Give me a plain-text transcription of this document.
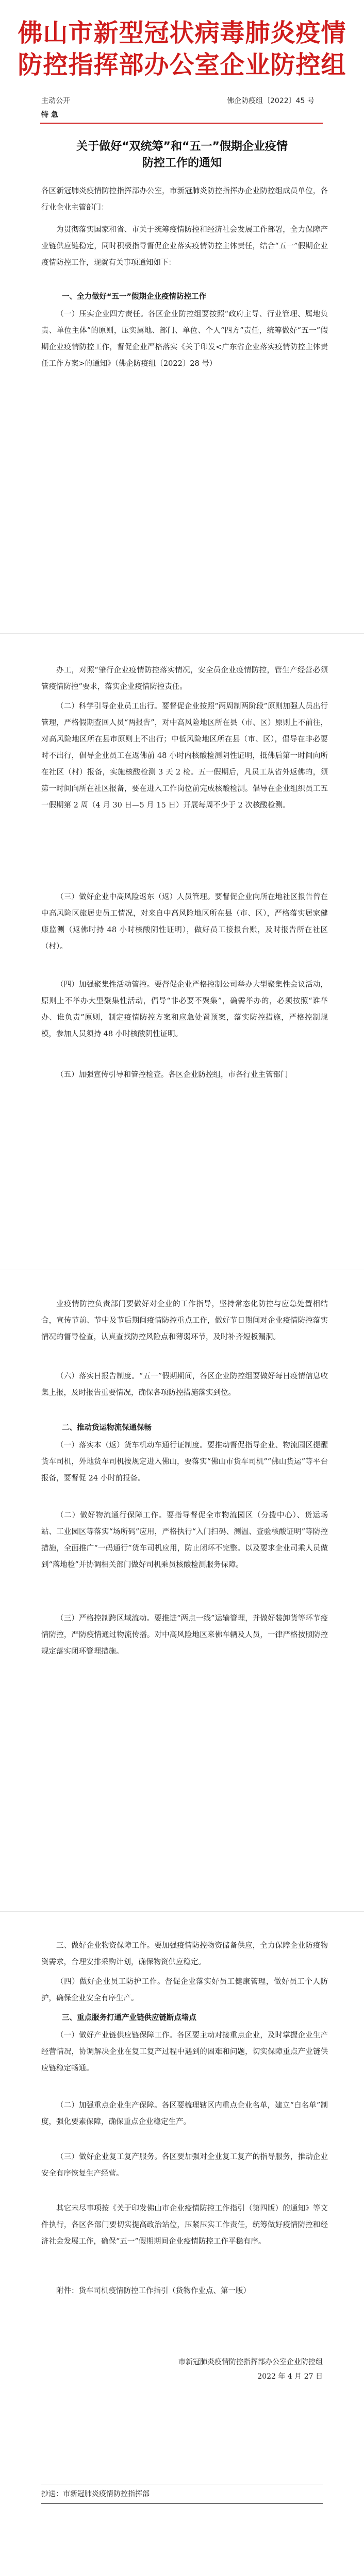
佛山市新型冠状病毒肺炎疫情
防控指挥部办公室企业防控组
主动公开
特 急
佛企防疫组〔2022〕45 号
关于做好“双统筹”和“五一”假期企业疫情
防控工作的通知

各区新冠肺炎疫情防控指挥部办公室，市新冠肺炎防控指挥办企业防控组成员单位，各行业企业主管部门：

为贯彻落实国家和省、市关于统筹疫情防控和经济社会发展工作部署，全力保障产业链供应链稳定，同时积极指导督促企业落实疫情防控主体责任，结合“五一”假期企业疫情防控工作，现就有关事项通知如下：

一、全力做好“五一”假期企业疫情防控工作

（一）压实企业四方责任。各区企业防控组要按照“政府主导、行业管理、属地负责、单位主体”的原则，压实属地、部门、单位、个人“四方”责任，统筹做好“五一”假期企业疫情防控工作，督促企业严格落实《关于印发<广东省企业落实疫情防控主体责任工作方案>的通知》（佛企防疫组〔2022〕28 号）

办工，对照“肇行企业疫情防控落实情况，安全员企业疫情防控，管生产经营必须管疫情防控”要求，落实企业疫情防控责任。

（二）科学引导企业员工出行。要督促企业按照“两周制两阶段”原则加强人员出行管理，严格假期查回人员“两报告”，对中高风险地区所在县（市、区）原则上不前往，对高风险地区所在县市原则上不出行；中低风险地区所在县（市、区），倡导在非必要时不出行，倡导企业员工在返佛前 48 小时内核酸检测阴性证明，抵佛后第一时间向所在社区（村）报备，实施核酸检测 3 天 2 检。五一假期后，凡员工从省外返佛的，须第一时间向所在社区报备，要在进入工作岗位前完成核酸检测。倡导在企业组织员工五一假期第 2 周（4 月 30 日—5 月 15 日）开展每周不少于 2 次核酸检测。

（三）做好企业中高风险返东（返）人员管理。要督促企业向所在地社区报告曾在中高风险区旅居史员工情况，对来自中高风险地区所在县（市、区），严格落实居家健康监测（返佛时持 48 小时核酸阴性证明），做好员工接报台账，及时报告所在社区（村）。

（四）加强聚集性活动管控。要督促企业严格控制公司举办大型聚集性会议活动，原则上不举办大型聚集性活动，倡导“非必要不聚集”，确需举办的，必须按照“谁举办、谁负责”原则，制定疫情防控方案和应急处置预案，落实防控措施，严格控制规模，参加人员须持 48 小时核酸阴性证明。

（五）加强宣传引导和管控检查。各区企业防控组，市各行业主管部门

业疫情防控负责部门要做好对企业的工作指导，坚持常态化防控与应急处置相结合，宣传节前、节中及节后期间疫情防控重点工作，做好节日期间对企业疫情防控落实情况的督导检查，认真查找防控风险点和薄弱环节，及时补齐短板漏洞。

（六）落实日报告制度。“五一”假期期间，各区企业防控组要做好每日疫情信息收集上报，及时报告重要情况，确保各项防控措施落实到位。

二、推动货运物流保通保畅

（一）落实本（返）货车机动车通行证制度。要推动督促指导企业、物流园区提醒货车司机，外地货车司机按规定进入佛山，要落实“佛山市货车司机”“佛山货运”等平台报备，要督促 24 小时前报备。

（二）做好物流通行保障工作。要指导督促全市物流园区（分拨中心）、货运场站、工业园区等落实“场所码”应用，严格执行“入门扫码、测温、查验核酸证明”等防控措施，全面推广“一码通行”货车司机应用，防止闭环不完整。以及要求企业司乘人员做到“落地检”并协调相关部门做好司机乘员核酸检测服务保障。

（三）严格控制跨区域流动。要推进“两点一线”运输管理，并做好装卸货等环节疫情防控，严防疫情通过物流传播。对中高风险地区来佛车辆及人员，一律严格按照防控规定落实闭环管理措施。

三、做好企业物资保障工作。要加强疫情防控物资储备供应，全力保障企业防疫物资需求，合理安排采购计划，确保物资供应稳定。

（四）做好企业员工防护工作。督促企业落实好员工健康管理，做好员工个人防护，确保企业安全有序生产。

三、重点服务打通产业链供应链断点堵点

（一）做好产业链供应链保障工作。各区要主动对接重点企业，及时掌握企业生产经营情况，协调解决企业在复工复产过程中遇到的困难和问题，切实保障重点产业链供应链稳定畅通。

（二）加强重点企业生产保障。各区要梳理辖区内重点企业名单，建立“白名单”制度，强化要素保障，确保重点企业稳定生产。

（三）做好企业复工复产服务。各区要加强对企业复工复产的指导服务，推动企业安全有序恢复生产经营。

其它未尽事项按《关于印发佛山市企业疫情防控工作指引（第四版）的通知》等文件执行，各区各部门要切实提高政治站位，压紧压实工作责任，统筹做好疫情防控和经济社会发展工作，确保“五一”假期期间企业疫情防控工作平稳有序。

附件：货车司机疫情防控工作指引（货物作业点、第一版）

市新冠肺炎疫情防控指挥部办公室企业防控组
2022 年 4 月 27 日
抄送：市新冠肺炎疫情防控指挥部
